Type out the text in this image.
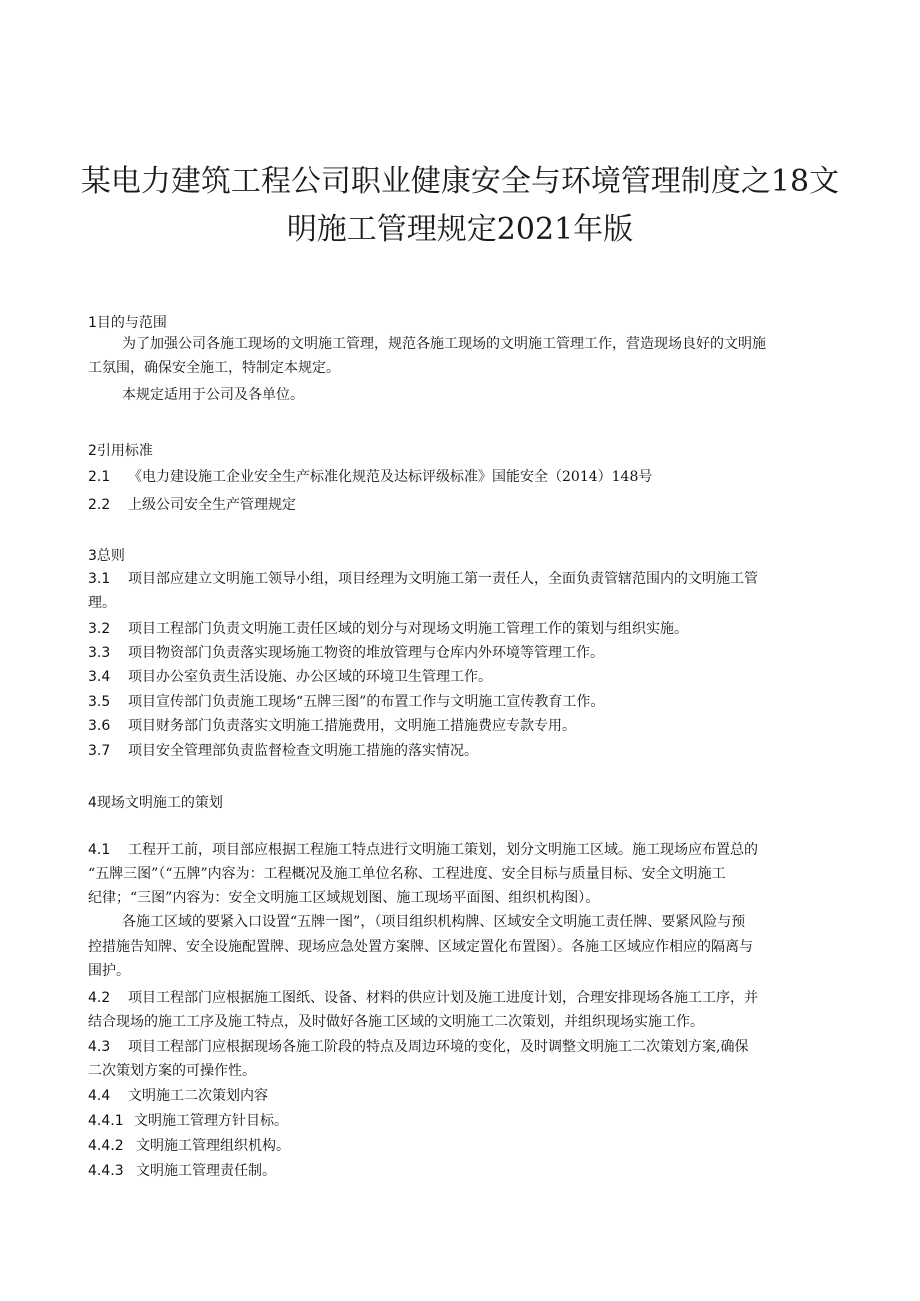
某电力建筑工程公司职业健康安全与环境管理制度之18文
明施工管理规定2021年版
1目的与范围
为了加强公司各施工现场的文明施工管理，规范各施工现场的文明施工管理工作，营造现场良好的文明施
工氛围，确保安全施工，特制定本规定。
本规定适用于公司及各单位。
2引用标准
2.1 《电力建设施工企业安全生产标准化规范及达标评级标准》国能安全（2014）148号
2.2 上级公司安全生产管理规定
3总则
3.1 项目部应建立文明施工领导小组，项目经理为文明施工第一责任人，全面负责管辖范围内的文明施工管
理。
3.2 项目工程部门负责文明施工责任区域的划分与对现场文明施工管理工作的策划与组织实施。
3.3 项目物资部门负责落实现场施工物资的堆放管理与仓库内外环境等管理工作。
3.4 项目办公室负责生活设施、办公区域的环境卫生管理工作。
3.5 项目宣传部门负责施工现场“五牌三图”的布置工作与文明施工宣传教育工作。
3.6 项目财务部门负责落实文明施工措施费用，文明施工措施费应专款专用。
3.7 项目安全管理部负责监督检查文明施工措施的落实情况。
4现场文明施工的策划
4.1 工程开工前，项目部应根据工程施工特点进行文明施工策划，划分文明施工区域。施工现场应布置总的
“五牌三图”（“五牌”内容为：工程概况及施工单位名称、工程进度、安全目标与质量目标、安全文明施工
纪律；“三图”内容为：安全文明施工区域规划图、施工现场平面图、组织机构图）。
各施工区域的要紧入口设置“五牌一图”，（项目组织机构牌、区域安全文明施工责任牌、要紧风险与预
控措施告知牌、安全设施配置牌、现场应急处置方案牌、区域定置化布置图）。各施工区域应作相应的隔离与
围护。
4.2 项目工程部门应根据施工图纸、设备、材料的供应计划及施工进度计划，合理安排现场各施工工序，并
结合现场的施工工序及施工特点，及时做好各施工区域的文明施工二次策划，并组织现场实施工作。
4.3 项目工程部门应根据现场各施工阶段的特点及周边环境的变化，及时调整文明施工二次策划方案,确保
二次策划方案的可操作性。
4.4 文明施工二次策划内容
4.4.1 文明施工管理方针目标。
4.4.2 文明施工管理组织机构。
4.4.3 文明施工管理责任制。
